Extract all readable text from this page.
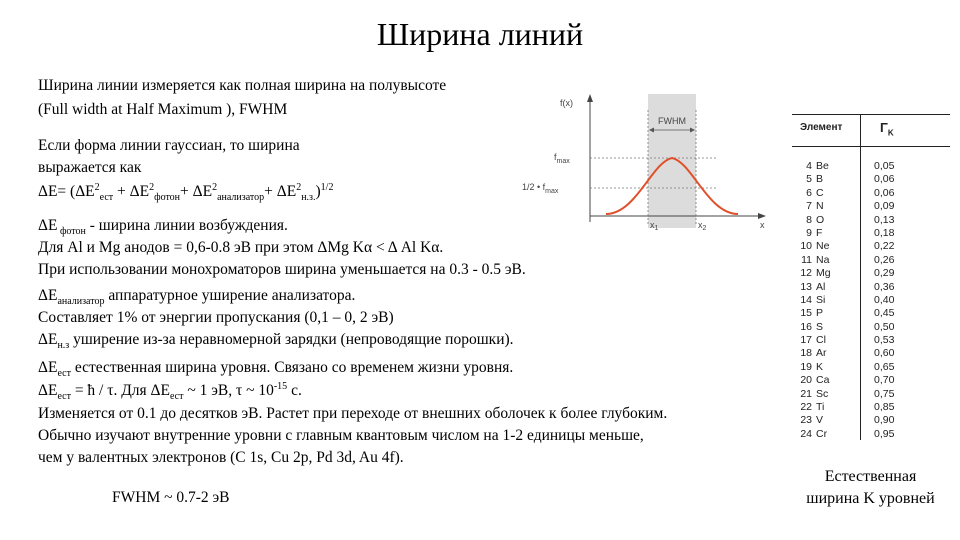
Ширина линий
Ширина линии измеряется как полная ширина на полувысоте
(Full width at Half Maximum ), FWHM
Если форма линии гауссиан, то ширина
выражается как
$\Delta E= (\Delta E^2_{ест} + \Delta E^2_{фотон}+ \Delta E^2_{анализатор}+ \Delta E^2_{н.з.})^{1/2}$
ΔE $_{фотон}$ - ширина линии возбуждения.
Для Al и Mg анодов = 0,6-0.8 эВ при этом ΔMg Kα < Δ Al Kα.
При использовании монохроматоров ширина уменьшается на 0.3 - 0.5 эВ.
$\Delta E_{анализатор}$ аппаратурное уширение анализатора.
Составляет 1% от энергии пропускания (0,1 – 0, 2 эВ)
$\Delta E_{н.з}$ уширение из-за неравномерной зарядки (непроводящие порошки).
$\Delta E_{ест}$ естественная ширина уровня. Связано со временем жизни уровня.
$\Delta E_{ест}$ = ħ / τ. Для $\Delta E_{ест}$ ~ 1 эВ, τ ~ $10^{-15}$ с.
Изменяется от 0.1 до десятков эВ. Растет при переходе от внешних оболочек к более глубоким.
Обычно изучают внутренние уровни с главным квантовым числом на 1-2 единицы меньше,
чем у валентных электронов (C 1s, Cu 2p, Pd 3d, Au 4f).
FWHM ~ 0.7-2 эВ
Естественная
ширина K уровней
FWHM
f(x)
$f_{max}$
1/2 • $f_{max}$
$x_1$	$x_2$	x
Элемент	$\Gamma_K$
4 Be	0,05
5 B	0,06
6 C	0,06
7 N	0,09
8 O	0,13
9 F	0,18
10 Ne	0,22
11 Na	0,26
12 Mg	0,29
13 Al	0,36
14 Si	0,40
15 P	0,45
16 S	0,50
17 Cl	0,53
18 Ar	0,60
19 K	0,65
20 Ca	0,70
21 Sc	0,75
22 Ti	0,85
23 V	0,90
24 Cr	0,95
